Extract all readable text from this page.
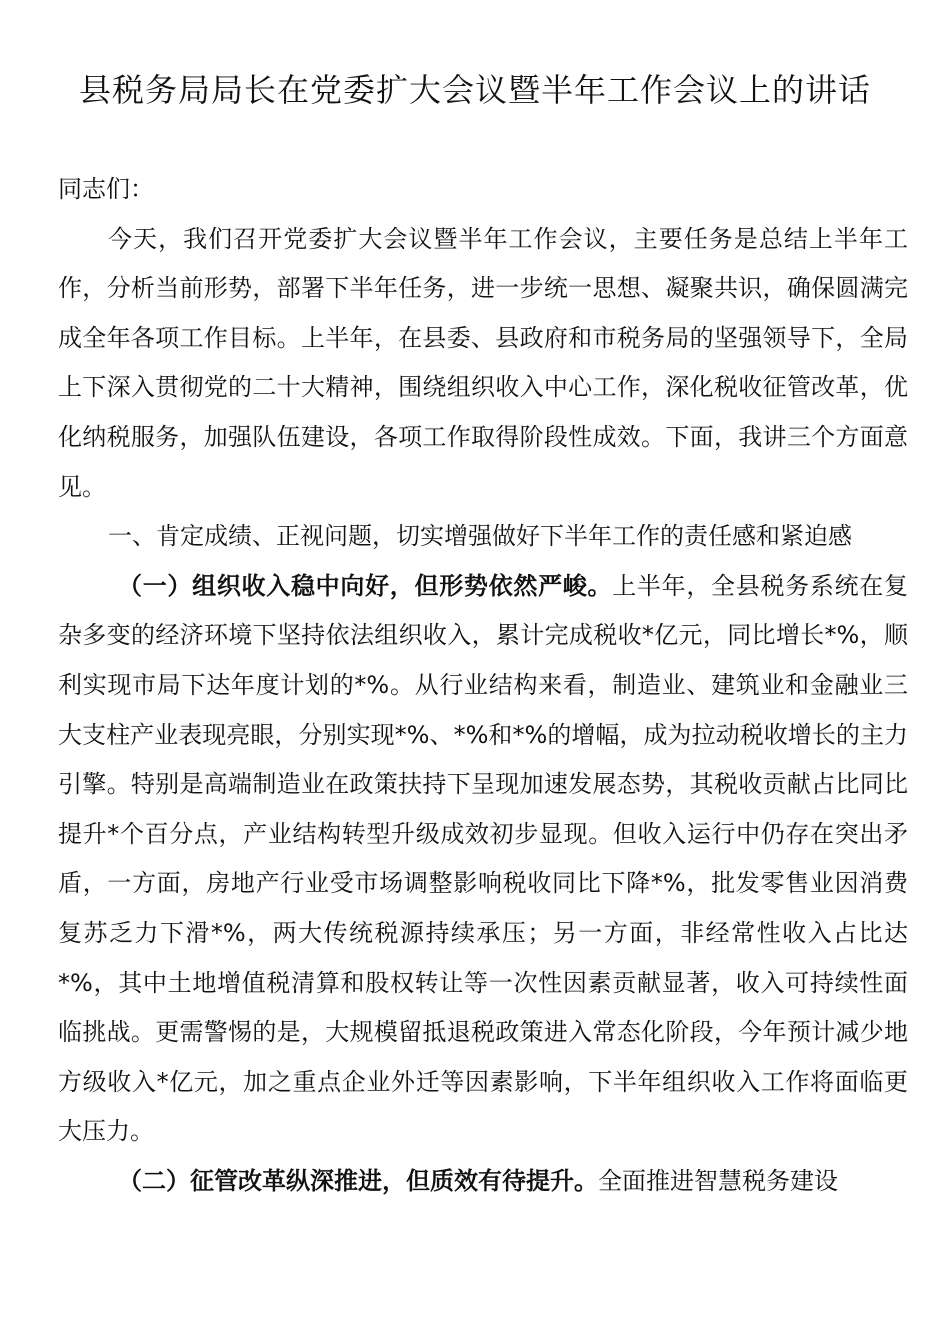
县税务局局长在党委扩大会议暨半年工作会议上的讲话

同志们：

今天，我们召开党委扩大会议暨半年工作会议，主要任务是总结上半年工作，分析当前形势，部署下半年任务，进一步统一思想、凝聚共识，确保圆满完成全年各项工作目标。上半年，在县委、县政府和市税务局的坚强领导下，全局上下深入贯彻党的二十大精神，围绕组织收入中心工作，深化税收征管改革，优化纳税服务，加强队伍建设，各项工作取得阶段性成效。下面，我讲三个方面意见。

一、肯定成绩、正视问题，切实增强做好下半年工作的责任感和紧迫感

（一）组织收入稳中向好，但形势依然严峻。上半年，全县税务系统在复杂多变的经济环境下坚持依法组织收入，累计完成税收*亿元，同比增长*%，顺利实现市局下达年度计划的*%。从行业结构来看，制造业、建筑业和金融业三大支柱产业表现亮眼，分别实现*%、*%和*%的增幅，成为拉动税收增长的主力引擎。特别是高端制造业在政策扶持下呈现加速发展态势，其税收贡献占比同比提升*个百分点，产业结构转型升级成效初步显现。但收入运行中仍存在突出矛盾，一方面，房地产行业受市场调整影响税收同比下降*%，批发零售业因消费复苏乏力下滑*%，两大传统税源持续承压；另一方面，非经常性收入占比达*%，其中土地增值税清算和股权转让等一次性因素贡献显著，收入可持续性面临挑战。更需警惕的是，大规模留抵退税政策进入常态化阶段，今年预计减少地方级收入*亿元，加之重点企业外迁等因素影响，下半年组织收入工作将面临更大压力。

（二）征管改革纵深推进，但质效有待提升。全面推进智慧税务建设
